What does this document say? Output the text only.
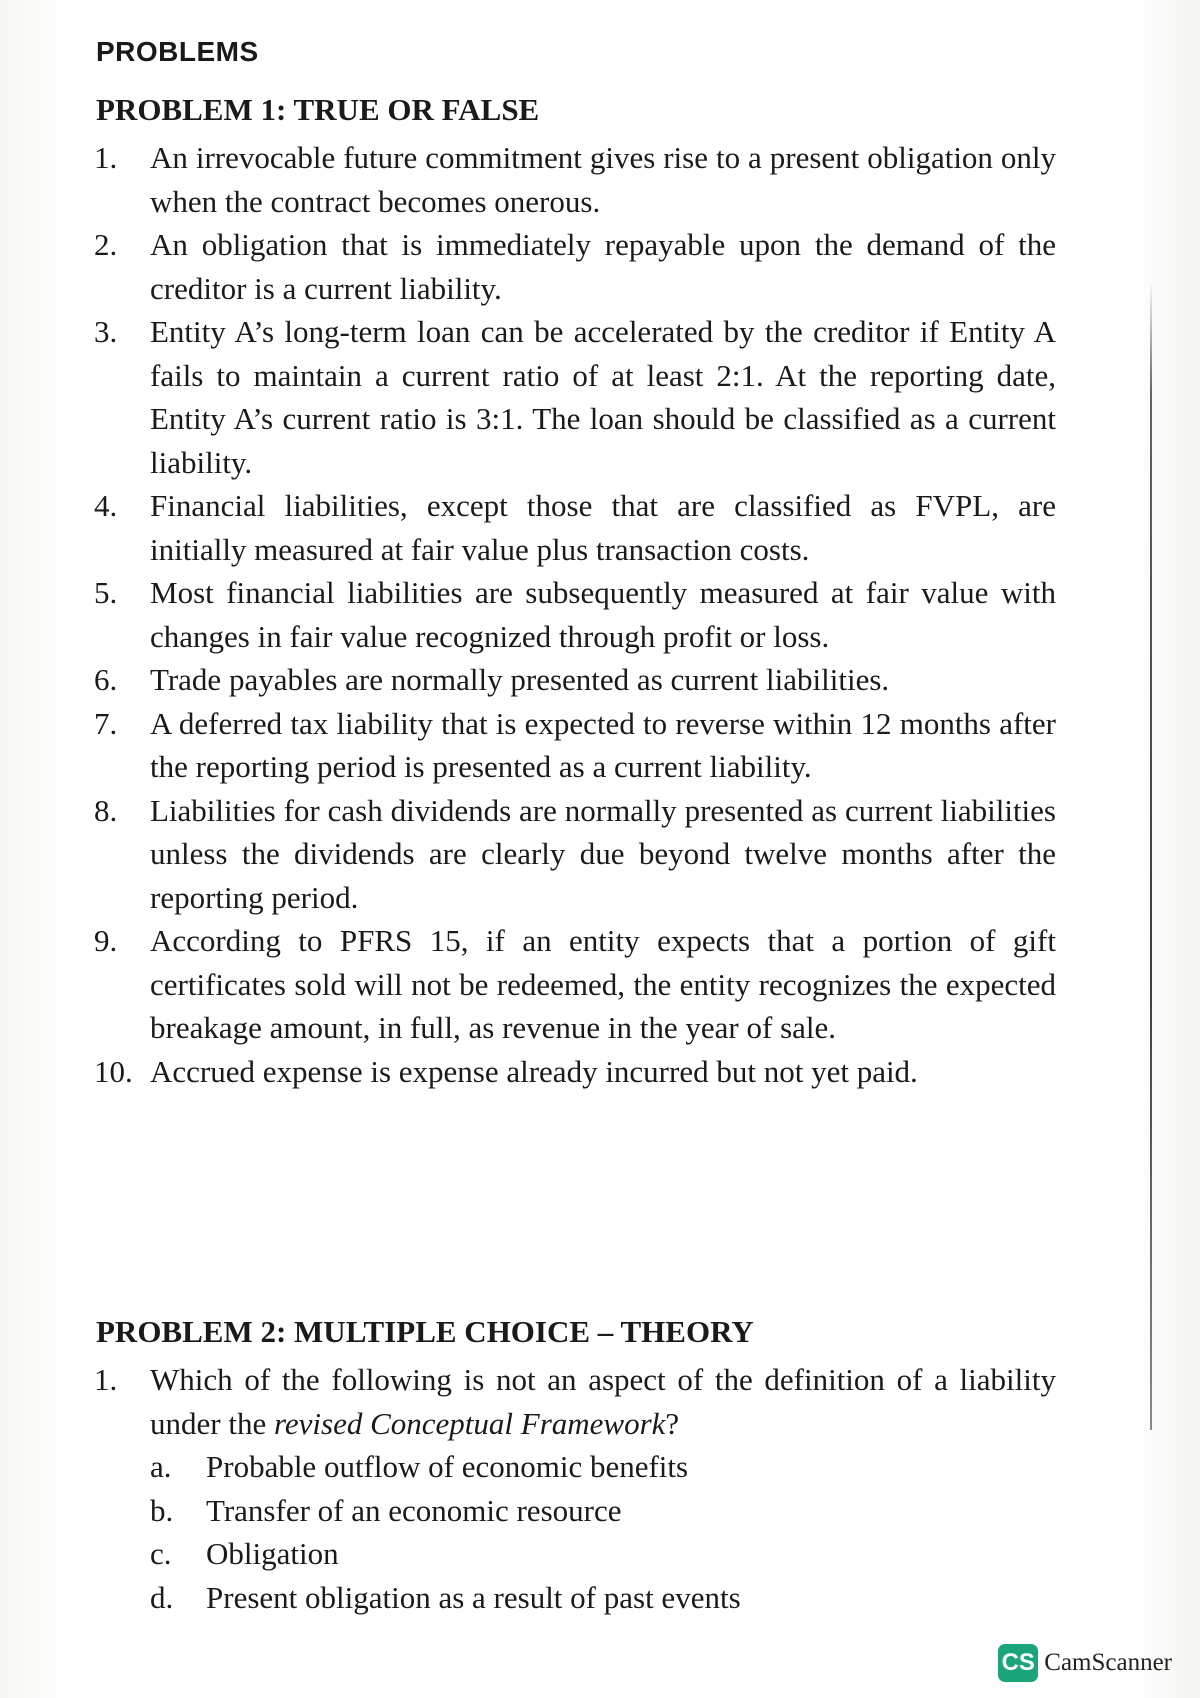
PROBLEMS
PROBLEM 1: TRUE OR FALSE
1.	An irrevocable future commitment gives rise to a present obligation only when the contract becomes onerous.
2.	An obligation that is immediately repayable upon the demand of the creditor is a current liability.
3.	Entity A’s long-term loan can be accelerated by the creditor if Entity A fails to maintain a current ratio of at least 2:1. At the reporting date, Entity A’s current ratio is 3:1. The loan should be classified as a current liability.
4.	Financial liabilities, except those that are classified as FVPL, are initially measured at fair value plus transaction costs.
5.	Most financial liabilities are subsequently measured at fair value with changes in fair value recognized through profit or loss.
6.	Trade payables are normally presented as current liabilities.
7.	A deferred tax liability that is expected to reverse within 12 months after the reporting period is presented as a current liability.
8.	Liabilities for cash dividends are normally presented as current liabilities unless the dividends are clearly due beyond twelve months after the reporting period.
9.	According to PFRS 15, if an entity expects that a portion of gift certificates sold will not be redeemed, the entity recognizes the expected breakage amount, in full, as revenue in the year of sale.
10. Accrued expense is expense already incurred but not yet paid.
PROBLEM 2: MULTIPLE CHOICE – THEORY
1.	Which of the following is not an aspect of the definition of a liability under the revised Conceptual Framework?
a. Probable outflow of economic benefits
b. Transfer of an economic resource
c. Obligation
d. Present obligation as a result of past events
CS CamScanner
